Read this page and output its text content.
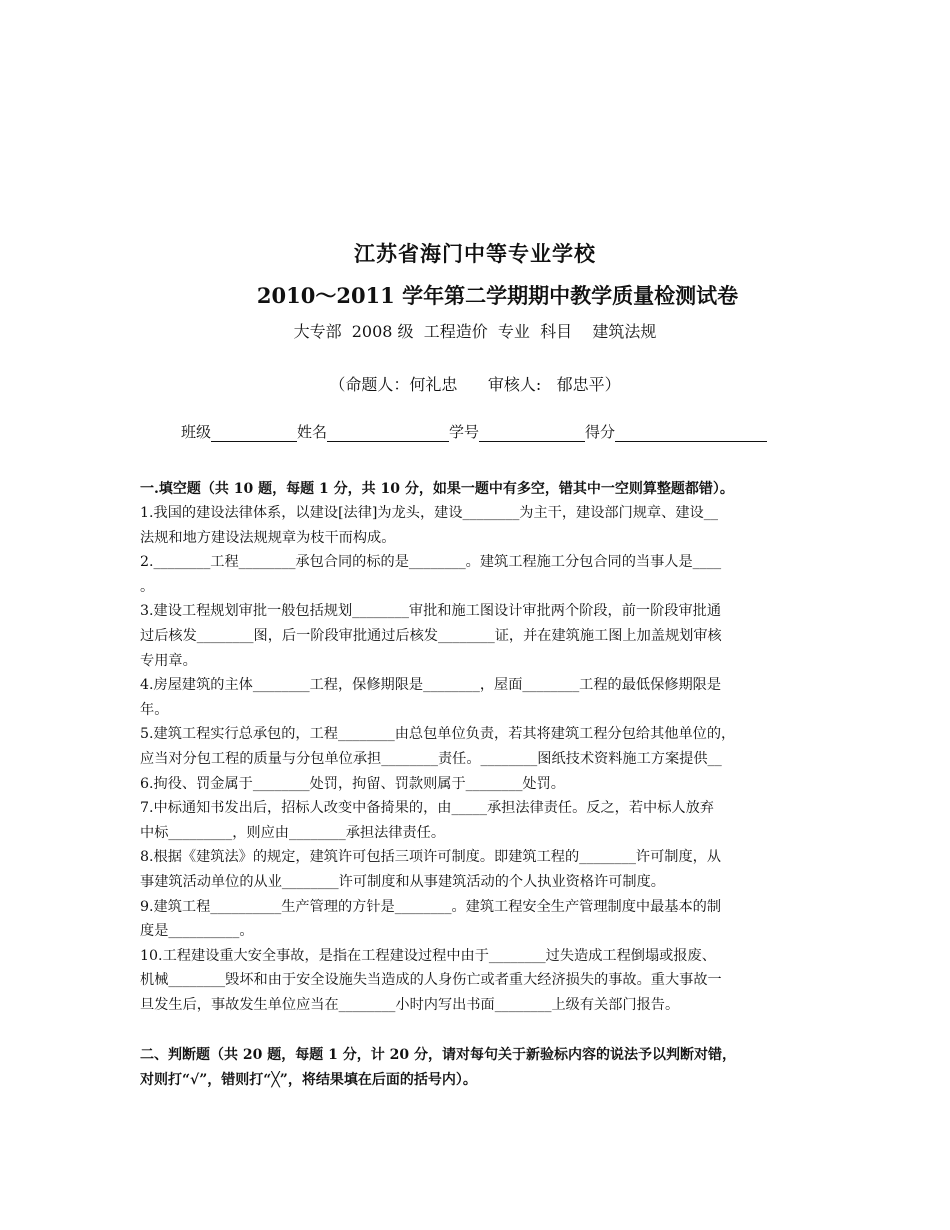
江苏省海门中等专业学校
2010～2011 学年第二学期期中教学质量检测试卷
大专部  2008 级  工程造价  专业  科目    建筑法规
（命题人：何礼忠      审核人:   郁忠平）
班级	姓名	学号	得分
一.填空题（共 10 题，每题 1 分，共 10 分，如果一题中有多空，错其中一空则算整题都错）。
1.我国的建设法律体系，以建设[法律]为龙头，建设________为主干，建设部门规章、建设__
法规和地方建设法规规章为枝干而构成。
2.________工程________承包合同的标的是________。建筑工程施工分包合同的当事人是____
。
3.建设工程规划审批一般包括规划________审批和施工图设计审批两个阶段，前一阶段审批通
过后核发________图，后一阶段审批通过后核发________证，并在建筑施工图上加盖规划审核
专用章。
4.房屋建筑的主体________工程，保修期限是________，屋面________工程的最低保修期限是
年。
5.建筑工程实行总承包的，工程________由总包单位负责，若其将建筑工程分包给其他单位的，
应当对分包工程的质量与分包单位承担________责任。________图纸技术资料施工方案提供__
6.拘役、罚金属于________处罚，拘留、罚款则属于________处罚。
7.中标通知书发出后，招标人改变中备掎果的，由_____承担法律责任。反之，若中标人放弃
中标_________，则应由________承担法律责任。
8.根据《建筑法》的规定，建筑许可包括三项许可制度。即建筑工程的________许可制度，从
事建筑活动单位的从业________许可制度和从事建筑活动的个人执业资格许可制度。
9.建筑工程__________生产管理的方针是________。建筑工程安全生产管理制度中最基本的制
度是__________。
10.工程建设重大安全事故，是指在工程建设过程中由于________过失造成工程倒塌或报废、
机械________毁坏和由于安全设施失当造成的人身伤亡或者重大经济损失的事故。重大事故一
旦发生后，事故发生单位应当在________小时内写出书面________上级有关部门报告。
二、判断题（共 20 题，每题 1 分，计 20 分，请对每句关于新验标内容的说法予以判断对错，
对则打“√”，错则打“╳”，将结果填在后面的括号内）。
